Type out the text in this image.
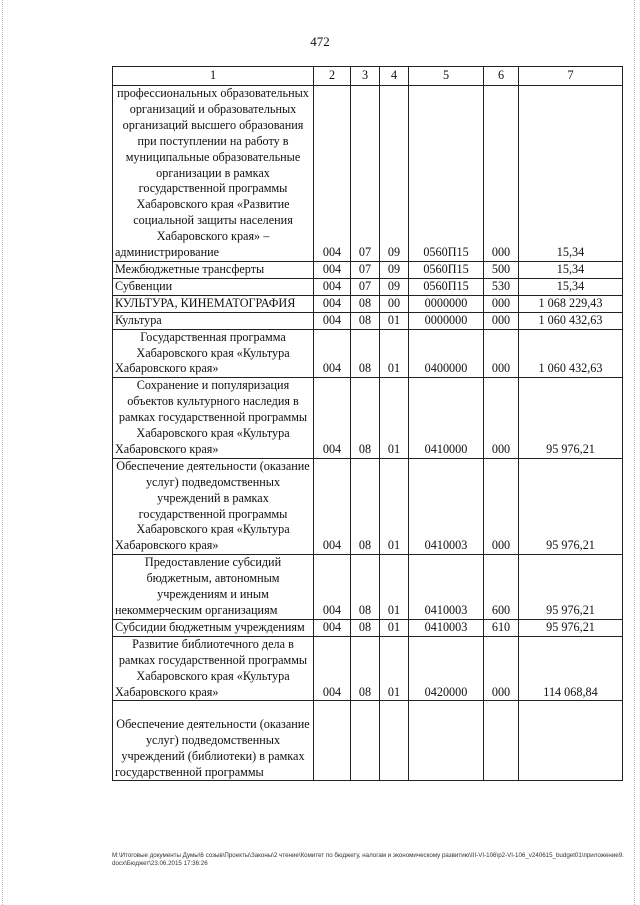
472
1	2	3	4	5	6	7
профессиональных образовательных организаций и образовательных организаций высшего образования при поступлении на работу в муниципальные образовательные организации в рамках государственной программы Хабаровского края «Развитие социальной защиты населения Хабаровского края» – администрирование	004	07	09	0560П15	000	15,34
Межбюджетные трансферты	004	07	09	0560П15	500	15,34
Субвенции	004	07	09	0560П15	530	15,34
КУЛЬТУРА, КИНЕМАТОГРАФИЯ	004	08	00	0000000	000	1 068 229,43
Культура	004	08	01	0000000	000	1 060 432,63
Государственная программа Хабаровского края «Культура Хабаровского края»	004	08	01	0400000	000	1 060 432,63
Сохранение и популяризация объектов культурного наследия в рамках государственной программы Хабаровского края «Культура Хабаровского края»	004	08	01	0410000	000	95 976,21
Обеспечение деятельности (оказание услуг) подведомственных учреждений в рамках государственной программы Хабаровского края «Культура Хабаровского края»	004	08	01	0410003	000	95 976,21
Предоставление субсидий бюджетным, автономным учреждениям и иным некоммерческим организациям	004	08	01	0410003	600	95 976,21
Субсидии бюджетным учреждениям	004	08	01	0410003	610	95 976,21
Развитие библиотечного дела в рамках государственной программы Хабаровского края «Культура Хабаровского края»	004	08	01	0420000	000	114 068,84
Обеспечение деятельности (оказание услуг) подведомственных учреждений (библиотеки) в рамках государственной программы						
M:\Итоговые документы Думы\6 созыв\Проекты\Законы\2 чтение\Комитет по бюджету, налогам и экономическому развитию\III-VI-106\р2-VI-106_v240615_budget01\приложение9.docx\Бюджет\23.06.2015 17:36:26
